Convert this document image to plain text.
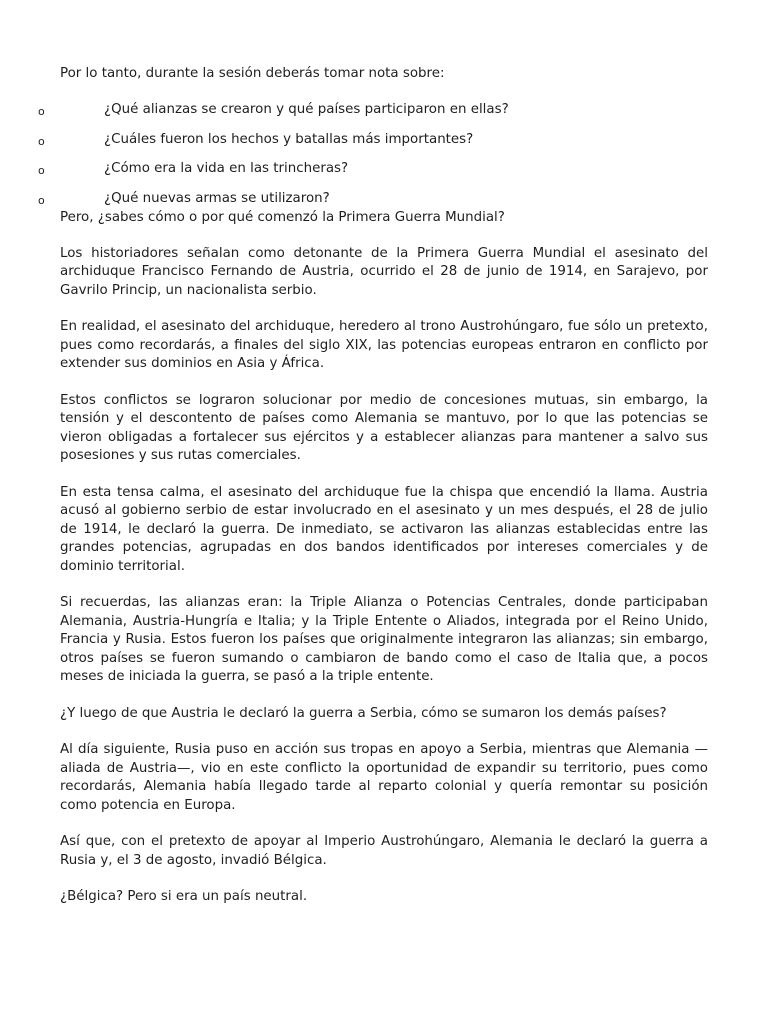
Por lo tanto, durante la sesión deberás tomar nota sobre:

o	¿Qué alianzas se crearon y qué países participaron en ellas?
o	¿Cuáles fueron los hechos y batallas más importantes?
o	¿Cómo era la vida en las trincheras?
o	¿Qué nuevas armas se utilizaron?

Pero, ¿sabes cómo o por qué comenzó la Primera Guerra Mundial?

Los historiadores señalan como detonante de la Primera Guerra Mundial el asesinato del archiduque Francisco Fernando de Austria, ocurrido el 28 de junio de 1914, en Sarajevo, por Gavrilo Princip, un nacionalista serbio.

En realidad, el asesinato del archiduque, heredero al trono Austrohúngaro, fue sólo un pretexto, pues como recordarás, a finales del siglo XIX, las potencias europeas entraron en conflicto por extender sus dominios en Asia y África.

Estos conflictos se lograron solucionar por medio de concesiones mutuas, sin embargo, la tensión y el descontento de países como Alemania se mantuvo, por lo que las potencias se vieron obligadas a fortalecer sus ejércitos y a establecer alianzas para mantener a salvo sus posesiones y sus rutas comerciales.

En esta tensa calma, el asesinato del archiduque fue la chispa que encendió la llama. Austria acusó al gobierno serbio de estar involucrado en el asesinato y un mes después, el 28 de julio de 1914, le declaró la guerra. De inmediato, se activaron las alianzas establecidas entre las grandes potencias, agrupadas en dos bandos identificados por intereses comerciales y de dominio territorial.

Si recuerdas, las alianzas eran: la Triple Alianza o Potencias Centrales, donde participaban Alemania, Austria-Hungría e Italia; y la Triple Entente o Aliados, integrada por el Reino Unido, Francia y Rusia. Estos fueron los países que originalmente integraron las alianzas; sin embargo, otros países se fueron sumando o cambiaron de bando como el caso de Italia que, a pocos meses de iniciada la guerra, se pasó a la triple entente.

¿Y luego de que Austria le declaró la guerra a Serbia, cómo se sumaron los demás países?

Al día siguiente, Rusia puso en acción sus tropas en apoyo a Serbia, mientras que Alemania —aliada de Austria—, vio en este conflicto la oportunidad de expandir su territorio, pues como recordarás, Alemania había llegado tarde al reparto colonial y quería remontar su posición como potencia en Europa.

Así que, con el pretexto de apoyar al Imperio Austrohúngaro, Alemania le declaró la guerra a Rusia y, el 3 de agosto, invadió Bélgica.

¿Bélgica? Pero si era un país neutral.
